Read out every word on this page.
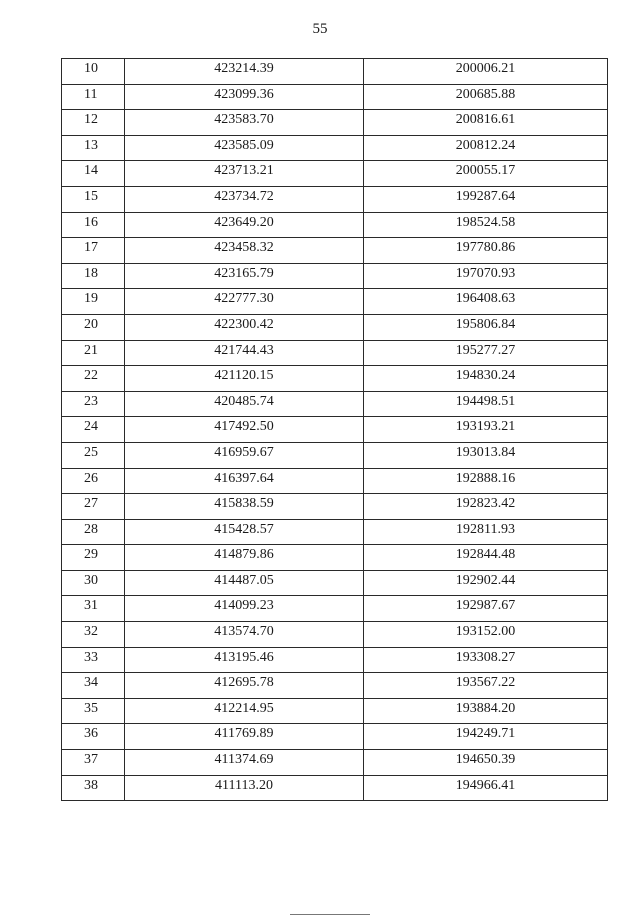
55
10	423214.39	200006.21
11	423099.36	200685.88
12	423583.70	200816.61
13	423585.09	200812.24
14	423713.21	200055.17
15	423734.72	199287.64
16	423649.20	198524.58
17	423458.32	197780.86
18	423165.79	197070.93
19	422777.30	196408.63
20	422300.42	195806.84
21	421744.43	195277.27
22	421120.15	194830.24
23	420485.74	194498.51
24	417492.50	193193.21
25	416959.67	193013.84
26	416397.64	192888.16
27	415838.59	192823.42
28	415428.57	192811.93
29	414879.86	192844.48
30	414487.05	192902.44
31	414099.23	192987.67
32	413574.70	193152.00
33	413195.46	193308.27
34	412695.78	193567.22
35	412214.95	193884.20
36	411769.89	194249.71
37	411374.69	194650.39
38	411113.20	194966.41
